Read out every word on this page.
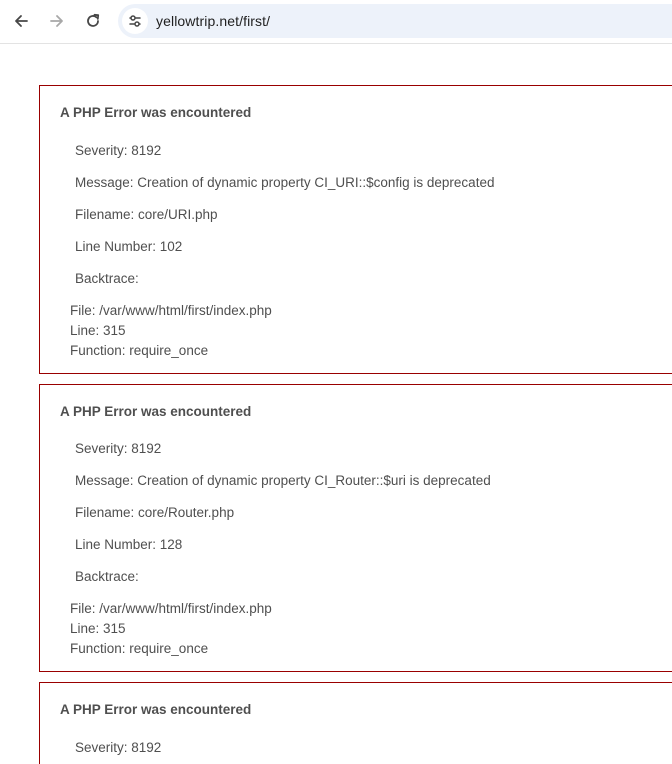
yellowtrip.net/first/
A PHP Error was encountered
Severity: 8192
Message: Creation of dynamic property CI_URI::$config is deprecated
Filename: core/URI.php
Line Number: 102
Backtrace:
File: /var/www/html/first/index.php
Line: 315
Function: require_once
A PHP Error was encountered
Severity: 8192
Message: Creation of dynamic property CI_Router::$uri is deprecated
Filename: core/Router.php
Line Number: 128
Backtrace:
File: /var/www/html/first/index.php
Line: 315
Function: require_once
A PHP Error was encountered
Severity: 8192
